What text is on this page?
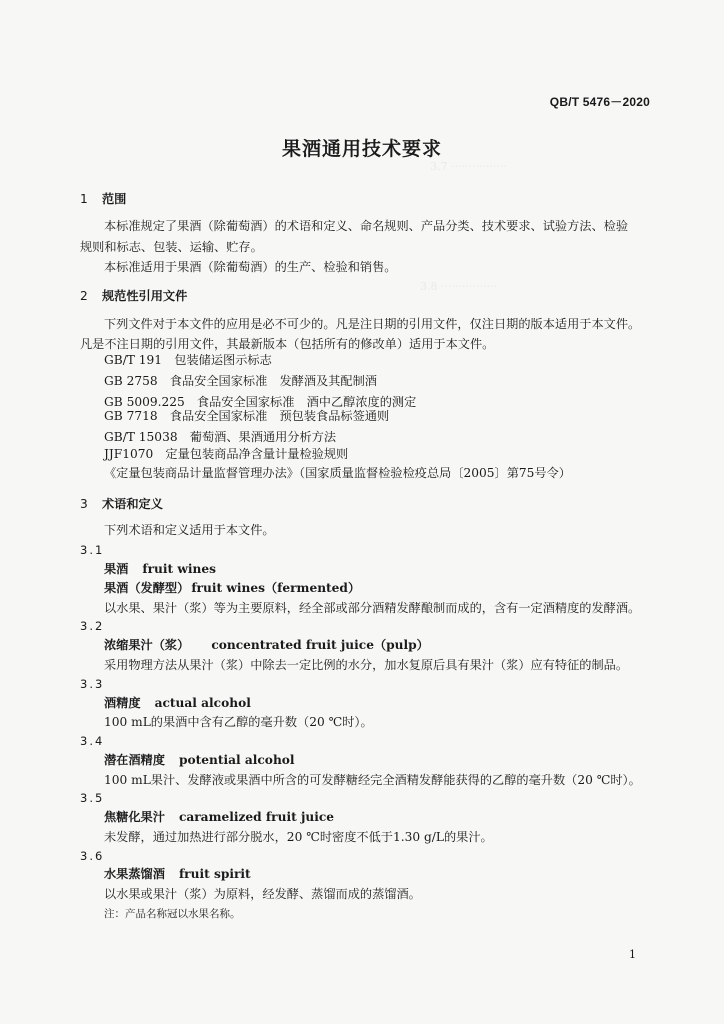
3.7 ················
3.8 ················
QB/T 5476－2020
果酒通用技术要求
1 范围
本标准规定了果酒（除葡萄酒）的术语和定义、命名规则、产品分类、技术要求、试验方法、检验
规则和标志、包装、运输、贮存。
本标准适用于果酒（除葡萄酒）的生产、检验和销售。
2 规范性引用文件
下列文件对于本文件的应用是必不可少的。凡是注日期的引用文件，仅注日期的版本适用于本文件。
凡是不注日期的引用文件，其最新版本（包括所有的修改单）适用于本文件。
GB/T 191　包装储运图示标志
GB 2758　食品安全国家标准　发酵酒及其配制酒
GB 5009.225　食品安全国家标准　酒中乙醇浓度的测定
GB 7718　食品安全国家标准　预包装食品标签通则
GB/T 15038　葡萄酒、果酒通用分析方法
JJF1070　定量包装商品净含量计量检验规则
《定量包装商品计量监督管理办法》（国家质量监督检验检疫总局〔2005〕第75号令）
3 术语和定义
下列术语和定义适用于本文件。
3.1
果酒 fruit wines
果酒（发酵型） fruit wines（fermented）
以水果、果汁（浆）等为主要原料，经全部或部分酒精发酵酿制而成的，含有一定酒精度的发酵酒。
3.2
浓缩果汁（浆） concentrated fruit juice（pulp）
采用物理方法从果汁（浆）中除去一定比例的水分，加水复原后具有果汁（浆）应有特征的制品。
3.3
酒精度 actual alcohol
100 mL的果酒中含有乙醇的毫升数（20 ℃时）。
3.4
潜在酒精度 potential alcohol
100 mL果汁、发酵液或果酒中所含的可发酵糖经完全酒精发酵能获得的乙醇的毫升数（20 ℃时）。
3.5
焦糖化果汁 caramelized fruit juice
未发酵，通过加热进行部分脱水，20 ℃时密度不低于1.30 g/L的果汁。
3.6
水果蒸馏酒 fruit spirit
以水果或果汁（浆）为原料，经发酵、蒸馏而成的蒸馏酒。
注：产品名称冠以水果名称。
1
